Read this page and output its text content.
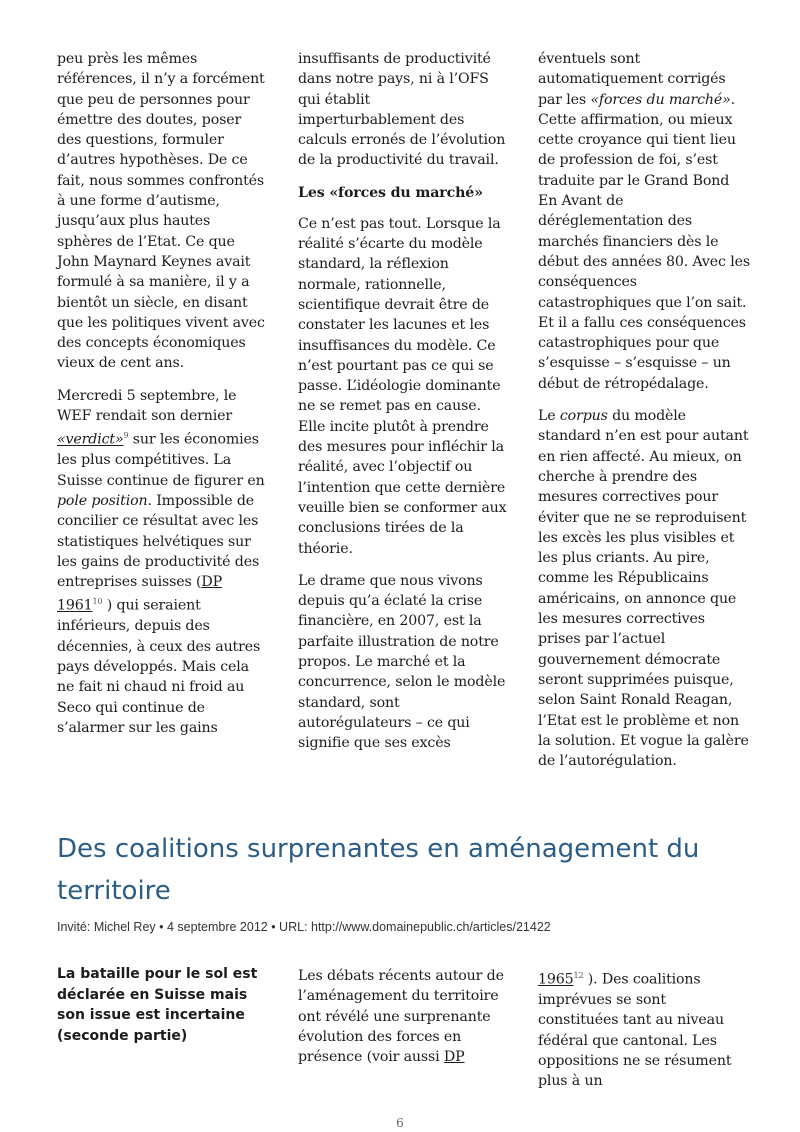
peu près les mêmes références, il n’y a forcément que peu de personnes pour émettre des doutes, poser des questions, formuler d’autres hypothèses. De ce fait, nous sommes confrontés à une forme d’autisme, jusqu’aux plus hautes sphères de l’Etat. Ce que John Maynard Keynes avait formulé à sa manière, il y a bientôt un siècle, en disant que les politiques vivent avec des concepts économiques vieux de cent ans.

Mercredi 5 septembre, le WEF rendait son dernier «verdict»$^9$ sur les économies les plus compétitives. La Suisse continue de figurer en pole position. Impossible de concilier ce résultat avec les statistiques helvétiques sur les gains de productivité des entreprises suisses (DP 1961$^{10}$ ) qui seraient inférieurs, depuis des décennies, à ceux des autres pays développés. Mais cela ne fait ni chaud ni froid au Seco qui continue de s’alarmer sur les gains

insuffisants de productivité dans notre pays, ni à l’OFS qui établit imperturbablement des calculs erronés de l’évolution de la productivité du travail.

Les «forces du marché»

Ce n’est pas tout. Lorsque la réalité s’écarte du modèle standard, la réflexion normale, rationnelle, scientifique devrait être de constater les lacunes et les insuffisances du modèle. Ce n’est pourtant pas ce qui se passe. L’idéologie dominante ne se remet pas en cause. Elle incite plutôt à prendre des mesures pour infléchir la réalité, avec l’objectif ou l’intention que cette dernière veuille bien se conformer aux conclusions tirées de la théorie.

Le drame que nous vivons depuis qu’a éclaté la crise financière, en 2007, est la parfaite illustration de notre propos. Le marché et la concurrence, selon le modèle standard, sont autorégulateurs – ce qui signifie que ses excès

éventuels sont automatiquement corrigés par les «forces du marché». Cette affirmation, ou mieux cette croyance qui tient lieu de profession de foi, s’est traduite par le Grand Bond En Avant de déréglementation des marchés financiers dès le début des années 80. Avec les conséquences catastrophiques que l’on sait. Et il a fallu ces conséquences catastrophiques pour que s’esquisse – s’esquisse – un début de rétropédalage.

Le corpus du modèle standard n’en est pour autant en rien affecté. Au mieux, on cherche à prendre des mesures correctives pour éviter que ne se reproduisent les excès les plus visibles et les plus criants. Au pire, comme les Républicains américains, on annonce que les mesures correctives prises par l’actuel gouvernement démocrate seront supprimées puisque, selon Saint Ronald Reagan, l’Etat est le problème et non la solution. Et vogue la galère de l’autorégulation.

Des coalitions surprenantes en aménagement du territoire
Invité: Michel Rey • 4 septembre 2012 • URL: http://www.domainepublic.ch/articles/21422
La bataille pour le sol est déclarée en Suisse mais son issue est incertaine (seconde partie)

Les débats récents autour de l’aménagement du territoire ont révélé une surprenante évolution des forces en présence (voir aussi DP

1965$^{12}$ ). Des coalitions imprévues se sont constituées tant au niveau fédéral que cantonal. Les oppositions ne se résument plus à un

6
